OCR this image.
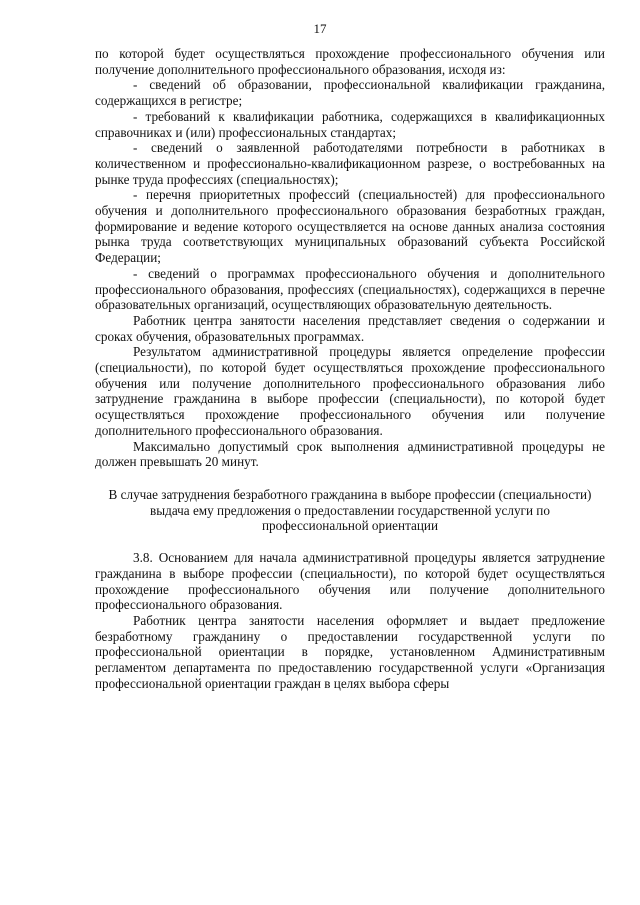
17

по которой будет осуществляться прохождение профессионального обучения или получение дополнительного профессионального образования, исходя из:

- сведений об образовании, профессиональной квалификации гражданина, содержащихся в регистре;

- требований к квалификации работника, содержащихся в квалификационных справочниках и (или) профессиональных стандартах;

- сведений о заявленной работодателями потребности в работниках в количественном и профессионально-квалификационном разрезе, о востребованных на рынке труда профессиях (специальностях);

- перечня приоритетных профессий (специальностей) для профессионального обучения и дополнительного профессионального образования безработных граждан, формирование и ведение которого осуществляется на основе данных анализа состояния рынка труда соответствующих муниципальных образований субъекта Российской Федерации;

- сведений о программах профессионального обучения и дополнительного профессионального образования, профессиях (специальностях), содержащихся в перечне образовательных организаций, осуществляющих образовательную деятельность.

Работник центра занятости населения представляет сведения о содержании и сроках обучения, образовательных программах.

Результатом административной процедуры является определение профессии (специальности), по которой будет осуществляться прохождение профессионального обучения или получение дополнительного профессионального образования либо затруднение гражданина в выборе профессии (специальности), по которой будет осуществляться прохождение профессионального обучения или получение дополнительного профессионального образования.

Максимально допустимый срок выполнения административной процедуры не должен превышать 20 минут.

В случае затруднения безработного гражданина в выборе профессии (специальности) выдача ему предложения о предоставлении государственной услуги по профессиональной ориентации

3.8. Основанием для начала административной процедуры является затруднение гражданина в выборе профессии (специальности), по которой будет осуществляться прохождение профессионального обучения или получение дополнительного профессионального образования.

Работник центра занятости населения оформляет и выдает предложение безработному гражданину о предоставлении государственной услуги по профессиональной ориентации в порядке, установленном Административным регламентом департамента по предоставлению государственной услуги «Организация профессиональной ориентации граждан в целях выбора сферы
